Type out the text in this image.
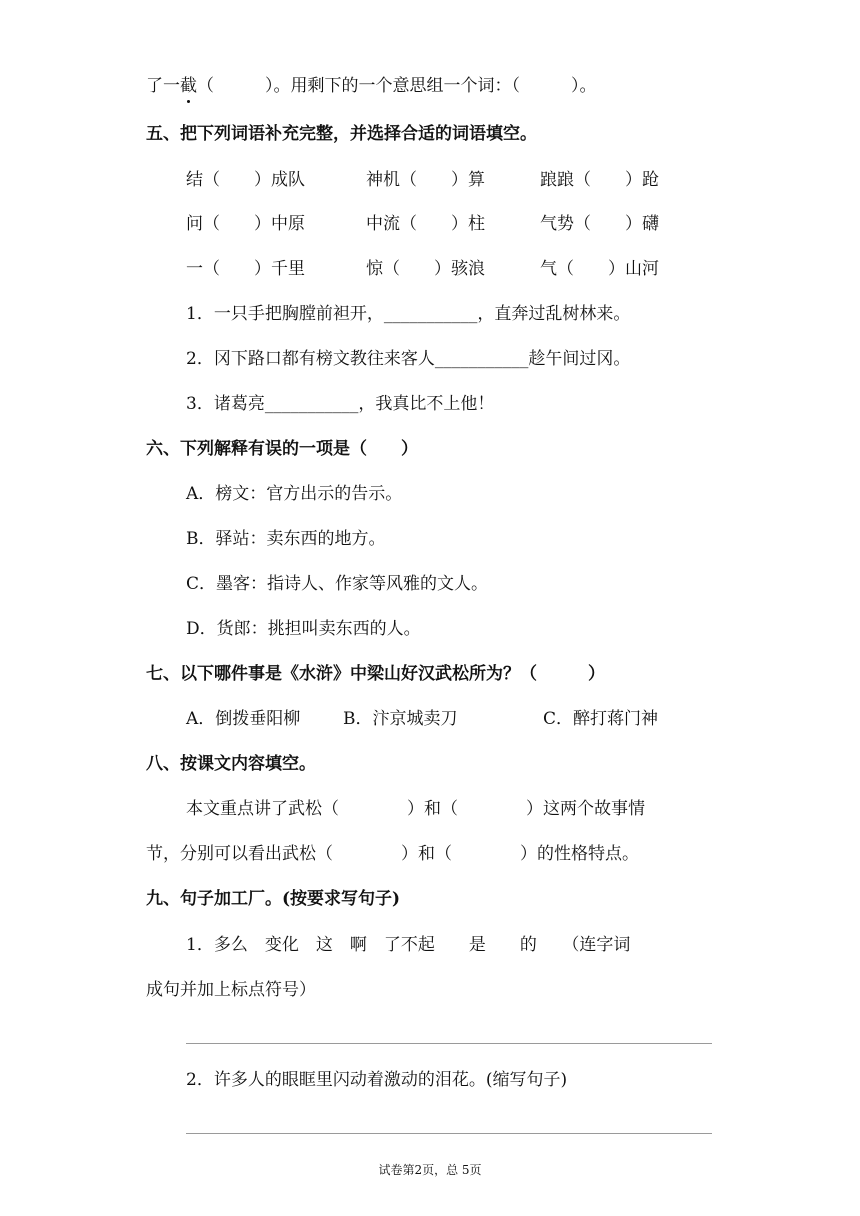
了一截（　　　）。用剩下的一个意思组一个词：（　　　）。
五、把下列词语补充完整，并选择合适的词语填空。
结（　　）成队	神机（　　）算	踉踉（　　）跄
问（　　）中原	中流（　　）柱	气势（　　）礴
一（　　）千里	惊（　　）骇浪	气（　　）山河
1．一只手把胸膛前袒开，___________，直奔过乱树林来。
2．冈下路口都有榜文教往来客人___________趁午间过冈。
3．诸葛亮___________，我真比不上他！
六、下列解释有误的一项是（　　）
A．榜文：官方出示的告示。
B．驿站：卖东西的地方。
C．墨客：指诗人、作家等风雅的文人。
D．货郎：挑担叫卖东西的人。
七、以下哪件事是《水浒》中梁山好汉武松所为？（　　　）
A．倒拨垂阳柳	B．汴京城卖刀	C．醉打蒋门神
八、按课文内容填空。
本文重点讲了武松（　　　　）和（　　　　）这两个故事情
节，分别可以看出武松（　　　　）和（　　　　）的性格特点。
九、句子加工厂。(按要求写句子)
1．多么　变化　这　啊　了不起　　是　　的　　（连字词
成句并加上标点符号）
2．许多人的眼眶里闪动着激动的泪花。(缩写句子)
试卷第2页，总 5页
